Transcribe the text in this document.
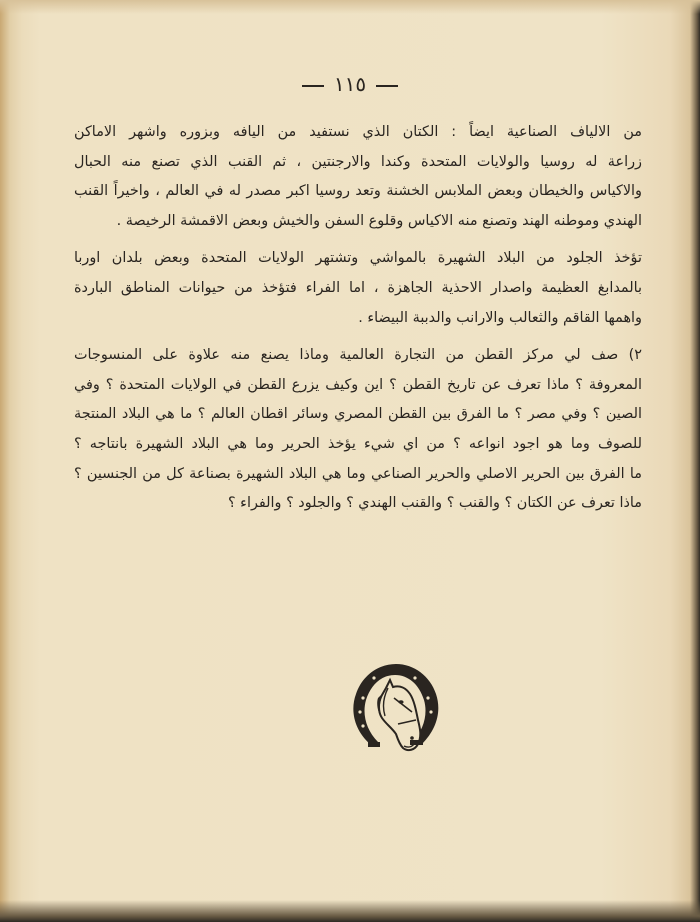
١١٥
من الالياف الصناعية ايضاً : الكتان الذي نستفيد من اليافه وبزوره واشهر الاماكن
زراعة له روسيا والولايات المتحدة وكندا والارجنتين ، ثم القنب الذي تصنع منه الحبال
والاكياس والخيطان وبعض الملابس الخشنة وتعد روسيا اكبر مصدر له في العالم ، واخيراً القنب
الهندي وموطنه الهند وتصنع منه الاكياس وقلوع السفن والخيش وبعض الاقمشة الرخيصة .
تؤخذ الجلود من البلاد الشهيرة بالمواشي وتشتهر الولايات المتحدة وبعض بلدان اوربا
بالمدابغ العظيمة واصدار الاحذية الجاهزة ، اما الفراء فتؤخذ من حيوانات المناطق الباردة
واهمها القاقم والثعالب والارانب والدببة البيضاء .
٢) صف لي مركز القطن من التجارة العالمية وماذا يصنع منه علاوة على المنسوجات
المعروفة ؟ ماذا تعرف عن تاريخ القطن ؟ اين وكيف يزرع القطن في الولايات المتحدة ؟ وفي
الصين ؟ وفي مصر ؟ ما الفرق بين القطن المصري وسائر اقطان العالم ؟ ما هي البلاد المنتجة
للصوف وما هو اجود انواعه ؟ من اي شيء يؤخذ الحرير وما هي البلاد الشهيرة بانتاجه ؟
ما الفرق بين الحرير الاصلي والحرير الصناعي وما هي البلاد الشهيرة بصناعة كل من الجنسين ؟
ماذا تعرف عن الكتان ؟ والقنب ؟ والقنب الهندي ؟ والجلود ؟ والفراء ؟
